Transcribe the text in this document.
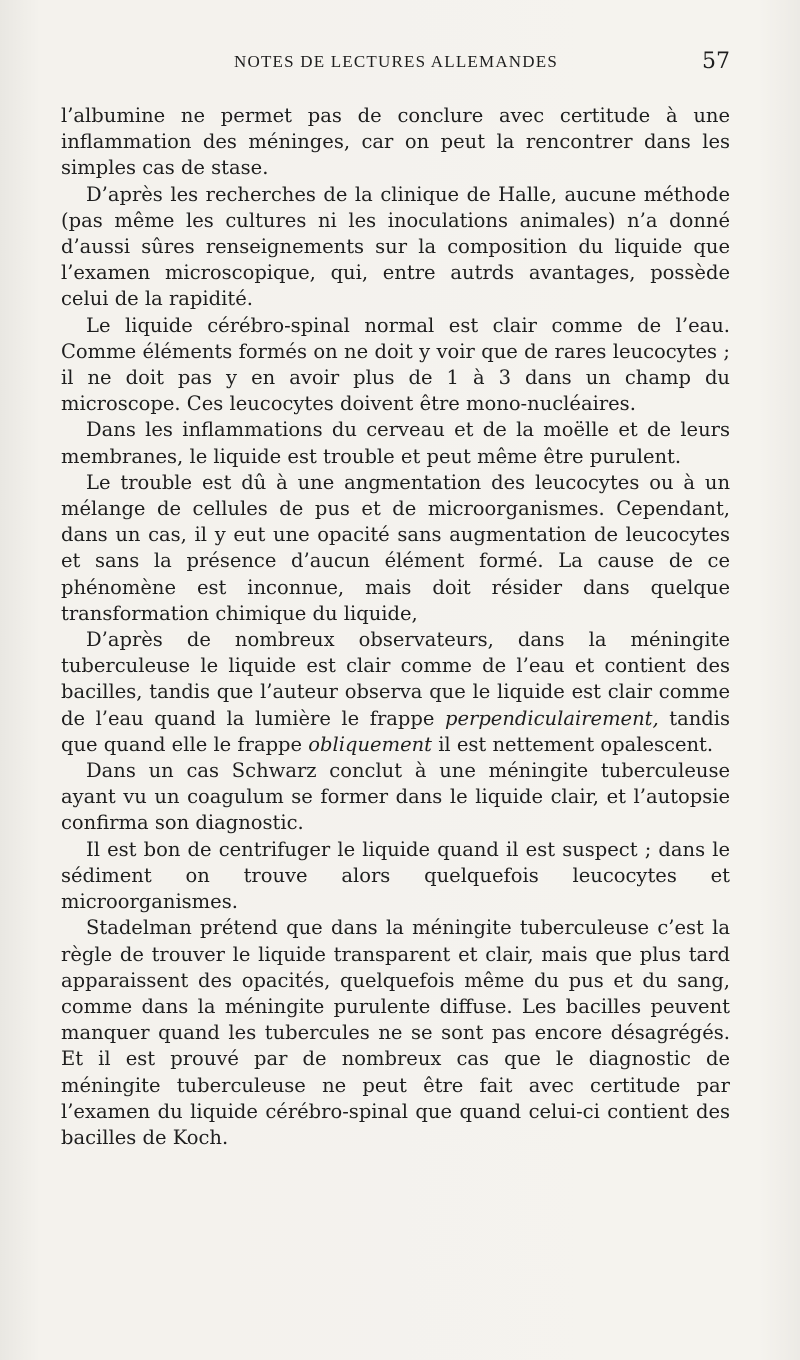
NOTES DE LECTURES ALLEMANDES	57

l’albumine ne permet pas de conclure avec certitude à une inflammation des méninges, car on peut la rencontrer dans les simples cas de stase.

D’après les recherches de la clinique de Halle, aucune méthode (pas même les cultures ni les inoculations animales) n’a donné d’aussi sûres renseignements sur la composition du liquide que l’examen microscopique, qui, entre autrds avantages, possède celui de la rapidité.

Le liquide cérébro-spinal normal est clair comme de l’eau. Comme éléments formés on ne doit y voir que de rares leucocytes ; il ne doit pas y en avoir plus de 1 à 3 dans un champ du microscope. Ces leucocytes doivent être mono-nucléaires.

Dans les inflammations du cerveau et de la moëlle et de leurs membranes, le liquide est trouble et peut même être purulent.

Le trouble est dû à une angmentation des leucocytes ou à un mélange de cellules de pus et de microorganismes. Cependant, dans un cas, il y eut une opacité sans augmentation de leucocytes et sans la présence d’aucun élément formé. La cause de ce phénomène est inconnue, mais doit résider dans quelque transformation chimique du liquide,

D’après de nombreux observateurs, dans la méningite tuberculeuse le liquide est clair comme de l’eau et contient des bacilles, tandis que l’auteur observa que le liquide est clair comme de l’eau quand la lumière le frappe perpendiculairement, tandis que quand elle le frappe obliquement il est nettement opalescent.

Dans un cas Schwarz conclut à une méningite tuberculeuse ayant vu un coagulum se former dans le liquide clair, et l’autopsie confirma son diagnostic.

Il est bon de centrifuger le liquide quand il est suspect ; dans le sédiment on trouve alors quelquefois leucocytes et microorganismes.

Stadelman prétend que dans la méningite tuberculeuse c’est la règle de trouver le liquide transparent et clair, mais que plus tard apparaissent des opacités, quelquefois même du pus et du sang, comme dans la méningite purulente diffuse. Les bacilles peuvent manquer quand les tubercules ne se sont pas encore désagrégés. Et il est prouvé par de nombreux cas que le diagnostic de méningite tuberculeuse ne peut être fait avec certitude par l’examen du liquide cérébro-spinal que quand celui-ci contient des bacilles de Koch.
